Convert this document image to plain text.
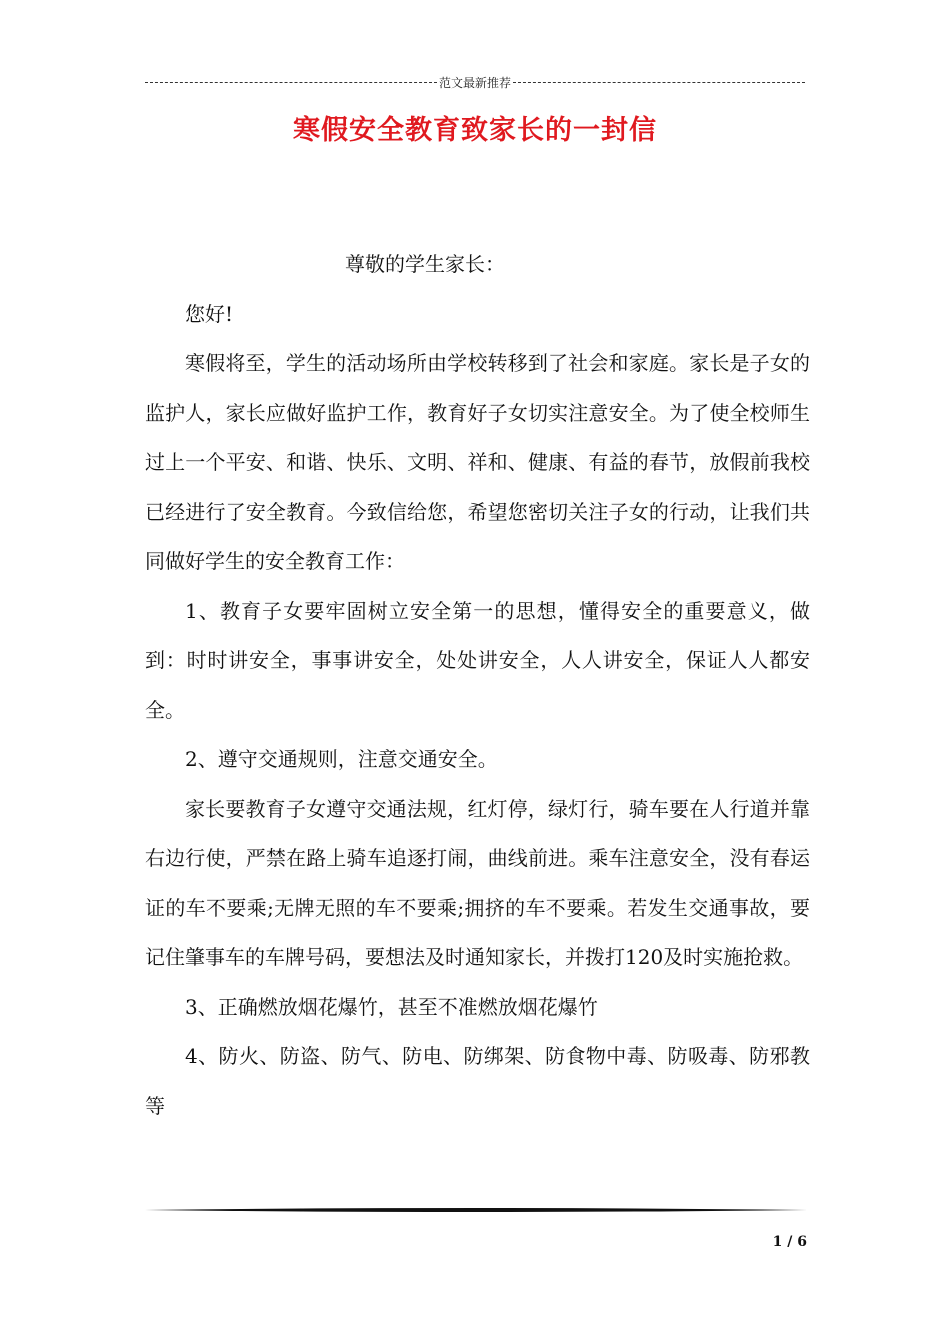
范文最新推荐
寒假安全教育致家长的一封信

尊敬的学生家长：

您好!

寒假将至，学生的活动场所由学校转移到了社会和家庭。家长是子女的监护人，家长应做好监护工作，教育好子女切实注意安全。为了使全校师生过上一个平安、和谐、快乐、文明、祥和、健康、有益的春节，放假前我校已经进行了安全教育。今致信给您，希望您密切关注子女的行动，让我们共同做好学生的安全教育工作：

1、教育子女要牢固树立安全第一的思想，懂得安全的重要意义，做到：时时讲安全，事事讲安全，处处讲安全，人人讲安全，保证人人都安全。

2、遵守交通规则，注意交通安全。

家长要教育子女遵守交通法规，红灯停，绿灯行，骑车要在人行道并靠右边行使，严禁在路上骑车追逐打闹，曲线前进。乘车注意安全，没有春运证的车不要乘;无牌无照的车不要乘;拥挤的车不要乘。若发生交通事故，要记住肇事车的车牌号码，要想法及时通知家长，并拨打120及时实施抢救。

3、正确燃放烟花爆竹，甚至不准燃放烟花爆竹

4、防火、防盗、防气、防电、防绑架、防食物中毒、防吸毒、防邪教等

1 / 6
